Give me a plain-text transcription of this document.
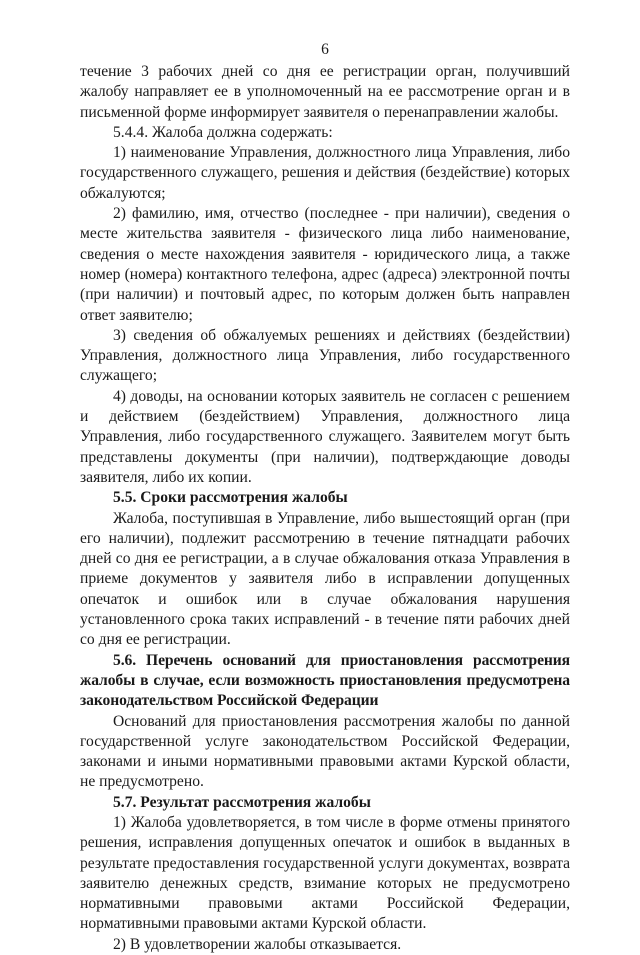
6

течение 3 рабочих дней со дня ее регистрации орган, получивший жалобу направляет ее в уполномоченный на ее рассмотрение орган и в письменной форме информирует заявителя о перенаправлении жалобы.

5.4.4. Жалоба должна содержать:

1) наименование Управления, должностного лица Управления, либо государственного служащего, решения и действия (бездействие) которых обжалуются;

2) фамилию, имя, отчество (последнее - при наличии), сведения о месте жительства заявителя - физического лица либо наименование, сведения о месте нахождения заявителя - юридического лица, а также номер (номера) контактного телефона, адрес (адреса) электронной почты (при наличии) и почтовый адрес, по которым должен быть направлен ответ заявителю;

3) сведения об обжалуемых решениях и действиях (бездействии) Управления, должностного лица Управления, либо государственного служащего;

4) доводы, на основании которых заявитель не согласен с решением и действием (бездействием) Управления, должностного лица Управления, либо государственного служащего. Заявителем могут быть представлены документы (при наличии), подтверждающие доводы заявителя, либо их копии.

5.5. Сроки рассмотрения жалобы

Жалоба, поступившая в Управление, либо вышестоящий орган (при его наличии), подлежит рассмотрению в течение пятнадцати рабочих дней со дня ее регистрации, а в случае обжалования отказа Управления в приеме документов у заявителя либо в исправлении допущенных опечаток и ошибок или в случае обжалования нарушения установленного срока таких исправлений - в течение пяти рабочих дней со дня ее регистрации.

5.6. Перечень оснований для приостановления рассмотрения жалобы в случае, если возможность приостановления предусмотрена законодательством Российской Федерации

Оснований для приостановления рассмотрения жалобы по данной государственной услуге законодательством Российской Федерации, законами и иными нормативными правовыми актами Курской области, не предусмотрено.

5.7. Результат рассмотрения жалобы

1) Жалоба удовлетворяется, в том числе в форме отмены принятого решения, исправления допущенных опечаток и ошибок в выданных в результате предоставления государственной услуги документах, возврата заявителю денежных средств, взимание которых не предусмотрено нормативными правовыми актами Российской Федерации, нормативными правовыми актами Курской области.

2) В удовлетворении жалобы отказывается.
